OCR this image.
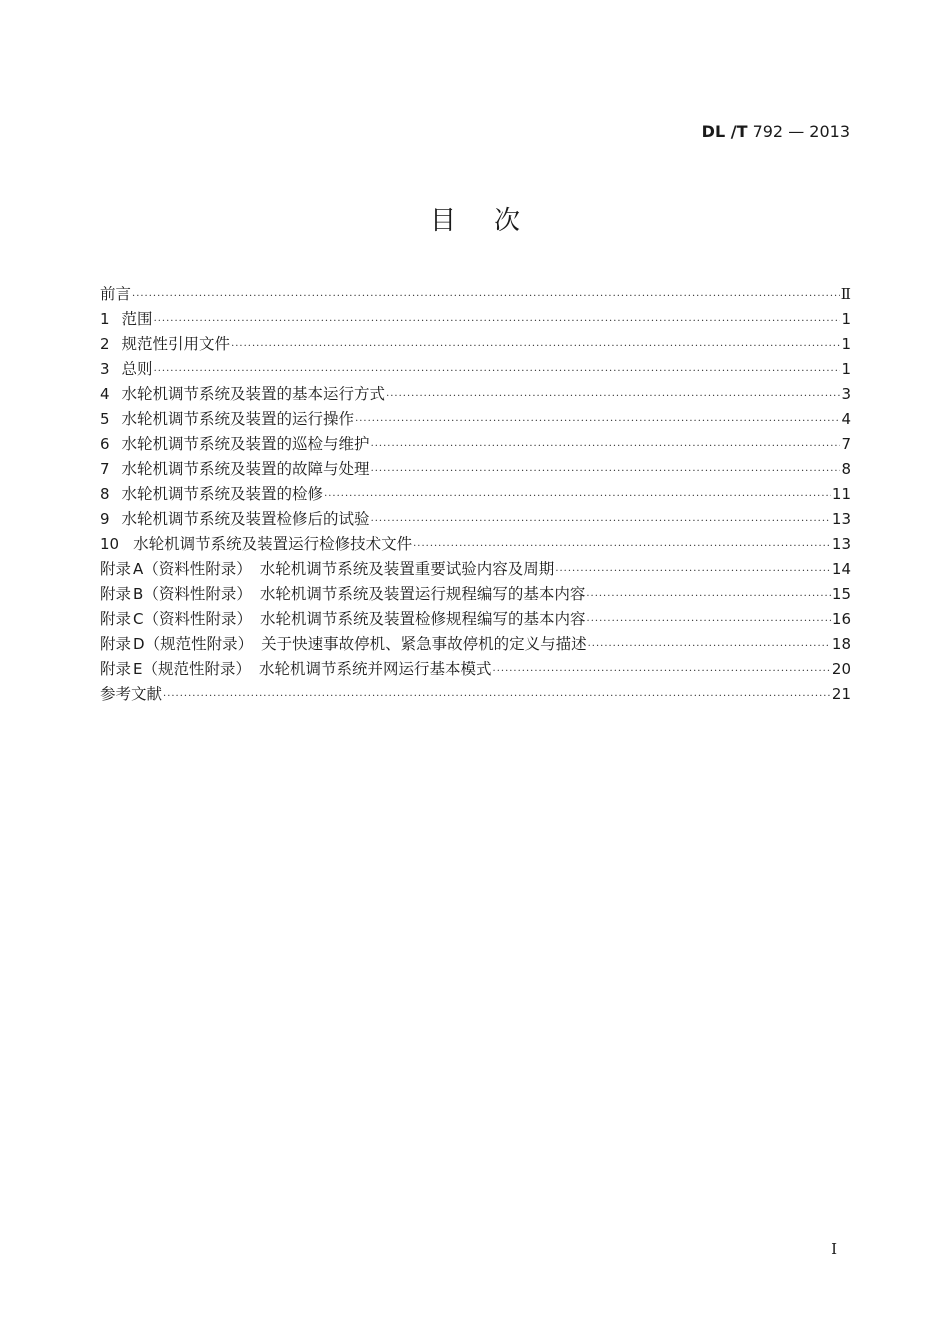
DL /T 792 — 2013
目次
前言 ·····	Ⅱ
1 范围 ·····	1
2 规范性引用文件 ·····	1
3 总则 ·····	1
4 水轮机调节系统及装置的基本运行方式 ·····	3
5 水轮机调节系统及装置的运行操作 ·····	4
6 水轮机调节系统及装置的巡检与维护 ·····	7
7 水轮机调节系统及装置的故障与处理 ·····	8
8 水轮机调节系统及装置的检修 ·····	11
9 水轮机调节系统及装置检修后的试验 ·····	13
10 水轮机调节系统及装置运行检修技术文件 ·····	13
附录 A（资料性附录） 水轮机调节系统及装置重要试验内容及周期 ·····	14
附录 B（资料性附录） 水轮机调节系统及装置运行规程编写的基本内容 ·····	15
附录 C（资料性附录） 水轮机调节系统及装置检修规程编写的基本内容 ·····	16
附录 D（规范性附录） 关于快速事故停机、紧急事故停机的定义与描述 ·····	18
附录 E（规范性附录） 水轮机调节系统并网运行基本模式 ·····	20
参考文献 ·····	21
I
